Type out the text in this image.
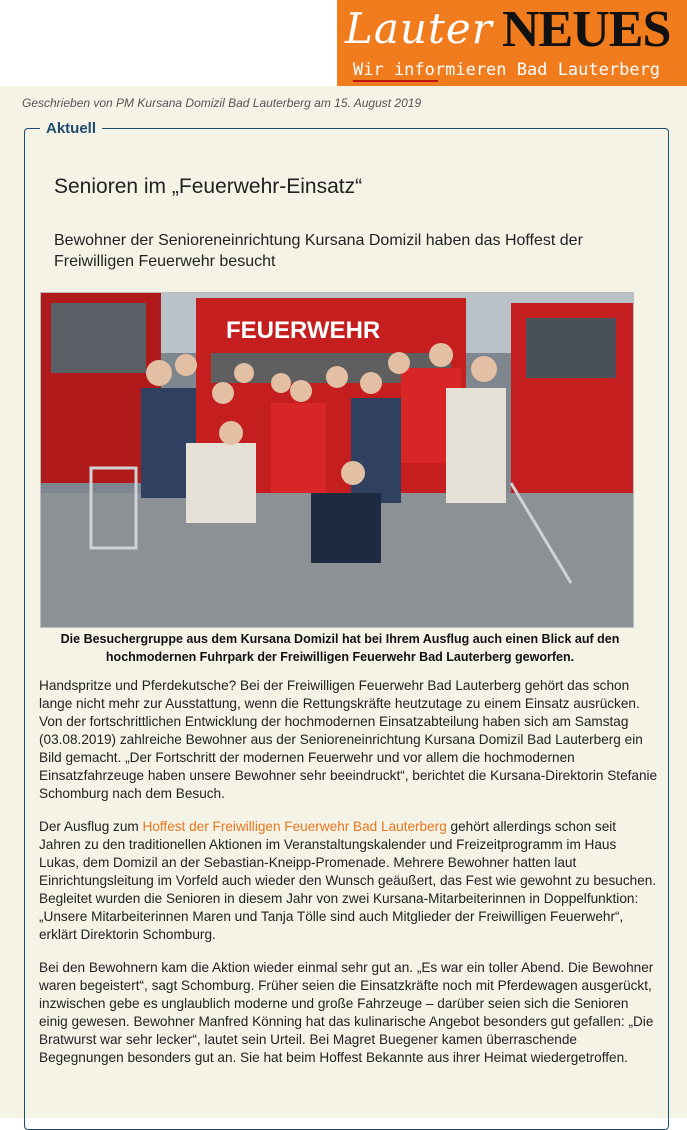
Lauter NEUES
Wir informieren Bad Lauterberg
Geschrieben von PM Kursana Domizil Bad Lauterberg am 15. August 2019
Aktuell
Senioren im „Feuerwehr-Einsatz“
Bewohner der Senioreneinrichtung Kursana Domizil haben das Hoffest der Freiwilligen Feuerwehr besucht
FEUERWEHR
Die Besuchergruppe aus dem Kursana Domizil hat bei Ihrem Ausflug auch einen Blick auf den hochmodernen Fuhrpark der Freiwilligen Feuerwehr Bad Lauterberg geworfen.
Handspritze und Pferdekutsche? Bei der Freiwilligen Feuerwehr Bad Lauterberg gehört das schon lange nicht mehr zur Ausstattung, wenn die Rettungskräfte heutzutage zu einem Einsatz ausrücken. Von der fortschrittlichen Entwicklung der hochmodernen Einsatzabteilung haben sich am Samstag (03.08.2019) zahlreiche Bewohner aus der Senioreneinrichtung Kursana Domizil Bad Lauterberg ein Bild gemacht. „Der Fortschritt der modernen Feuerwehr und vor allem die hochmodernen Einsatzfahrzeuge haben unsere Bewohner sehr beeindruckt“, berichtet die Kursana-Direktorin Stefanie Schomburg nach dem Besuch.
Der Ausflug zum Hoffest der Freiwilligen Feuerwehr Bad Lauterberg gehört allerdings schon seit Jahren zu den traditionellen Aktionen im Veranstaltungskalender und Freizeitprogramm im Haus Lukas, dem Domizil an der Sebastian-Kneipp-Promenade. Mehrere Bewohner hatten laut Einrichtungsleitung im Vorfeld auch wieder den Wunsch geäußert, das Fest wie gewohnt zu besuchen. Begleitet wurden die Senioren in diesem Jahr von zwei Kursana-Mitarbeiterinnen in Doppelfunktion: „Unsere Mitarbeiterinnen Maren und Tanja Tölle sind auch Mitglieder der Freiwilligen Feuerwehr“, erklärt Direktorin Schomburg.
Bei den Bewohnern kam die Aktion wieder einmal sehr gut an. „Es war ein toller Abend. Die Bewohner waren begeistert“, sagt Schomburg. Früher seien die Einsatzkräfte noch mit Pferdewagen ausgerückt, inzwischen gebe es unglaublich moderne und große Fahrzeuge – darüber seien sich die Senioren einig gewesen. Bewohner Manfred Könning hat das kulinarische Angebot besonders gut gefallen: „Die Bratwurst war sehr lecker“, lautet sein Urteil. Bei Magret Buegener kamen überraschende Begegnungen besonders gut an. Sie hat beim Hoffest Bekannte aus ihrer Heimat wiedergetroffen.
